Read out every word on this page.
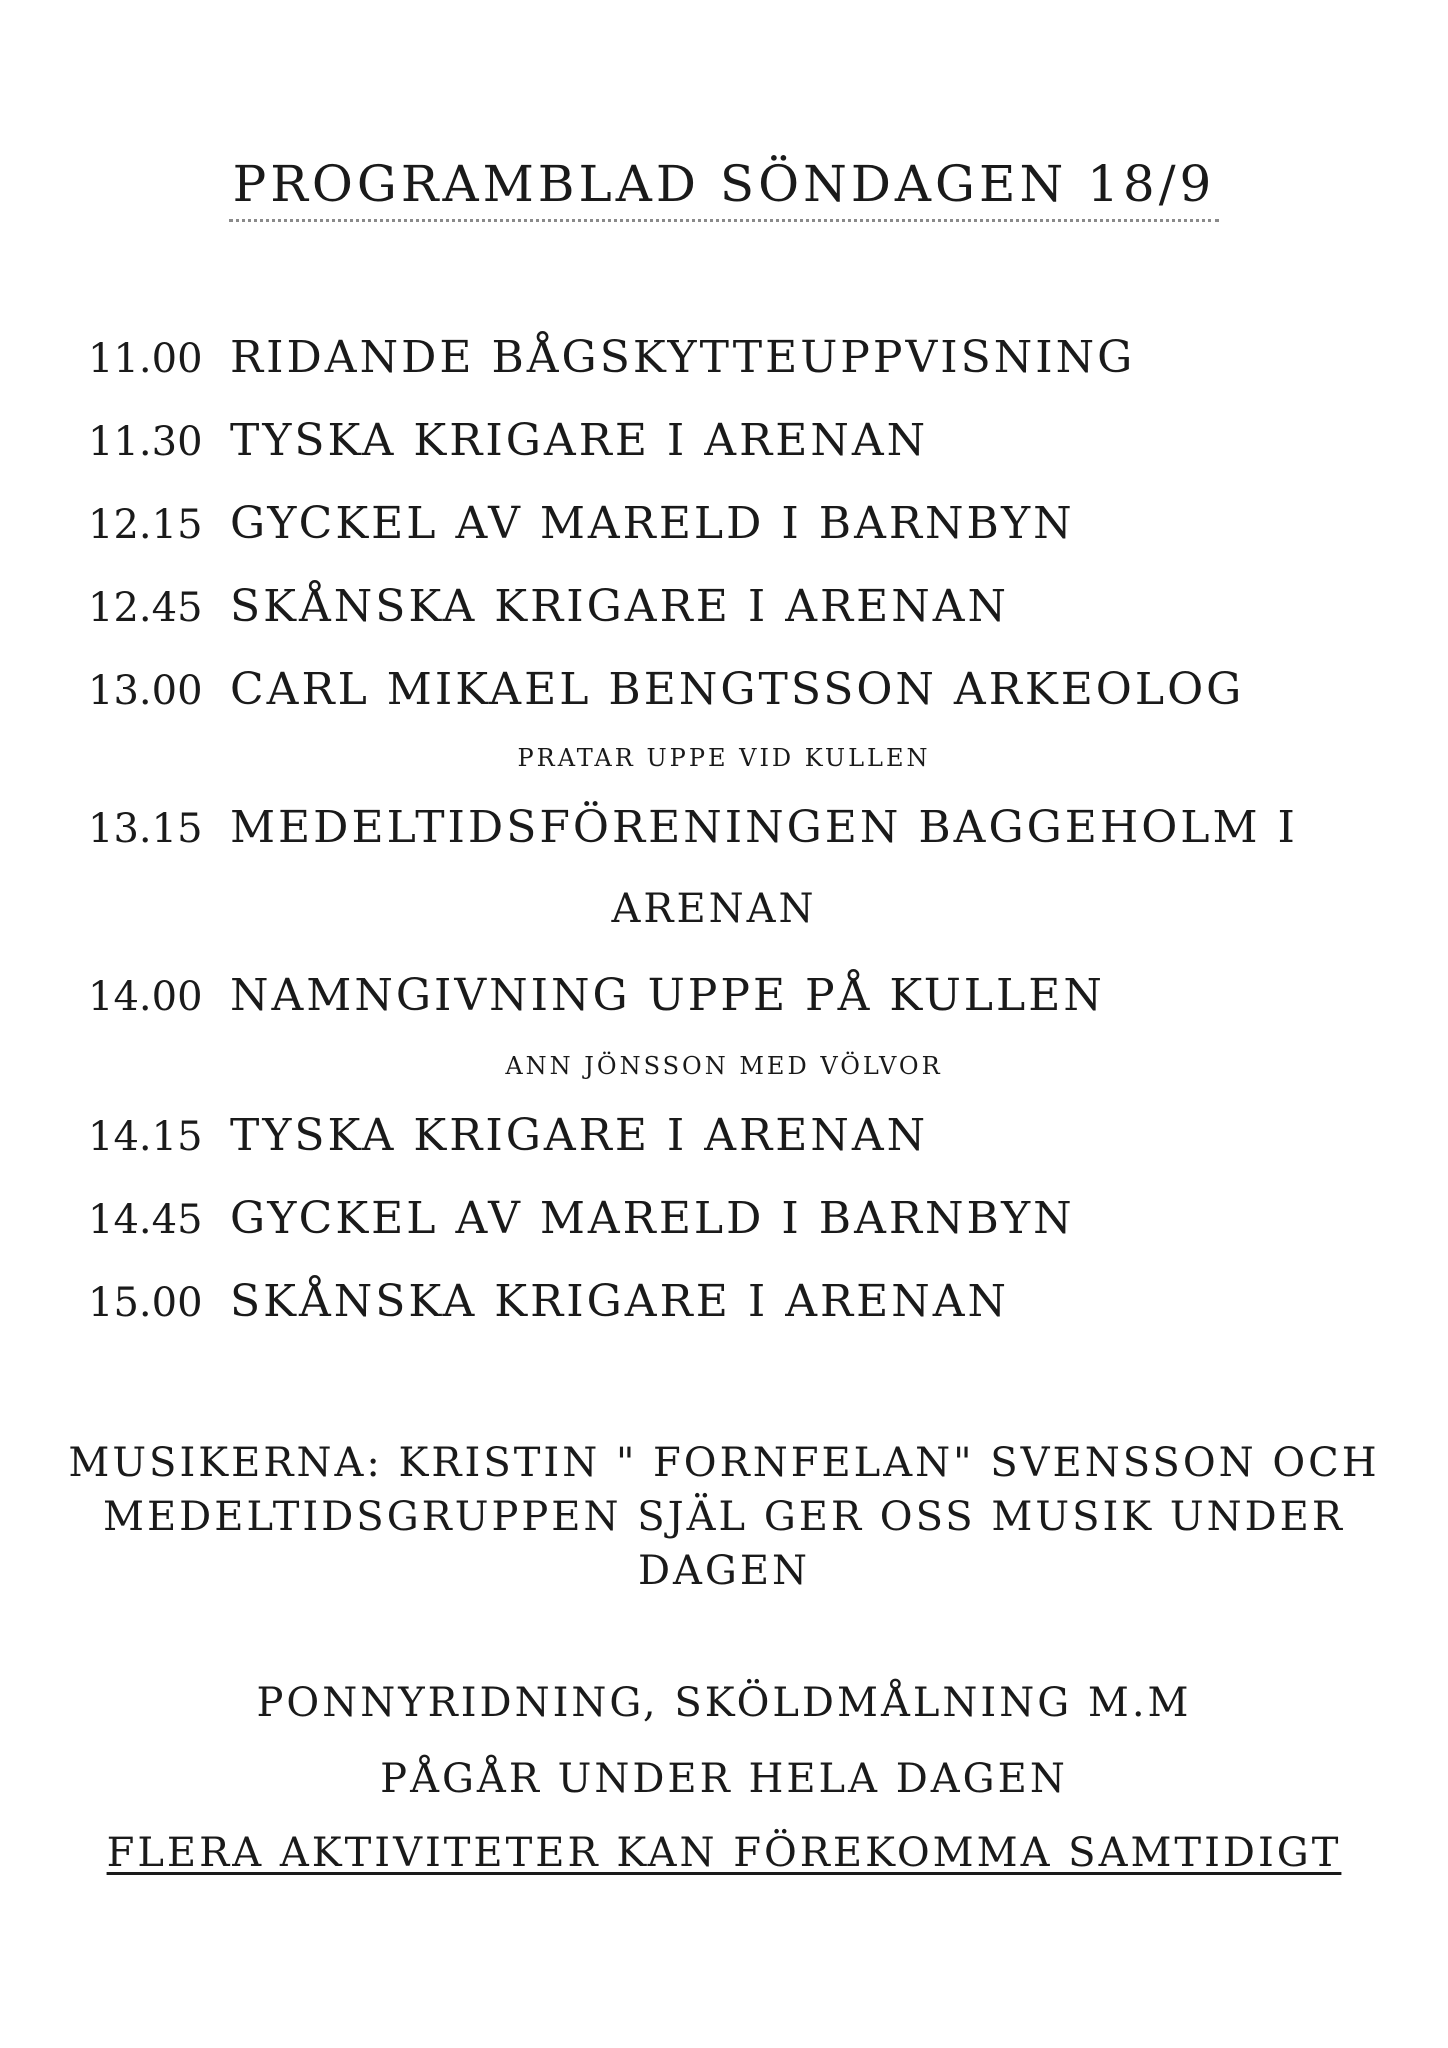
PROGRAMBLAD SÖNDAGEN 18/9
11.00 RIDANDE BÅGSKYTTEUPPVISNING
11.30 TYSKA KRIGARE I ARENAN
12.15 GYCKEL AV MARELD I BARNBYN
12.45 SKÅNSKA KRIGARE I ARENAN
13.00 CARL MIKAEL BENGTSSON ARKEOLOG
PRATAR UPPE VID KULLEN
13.15 MEDELTIDSFÖRENINGEN BAGGEHOLM I
ARENAN
14.00 NAMNGIVNING UPPE PÅ KULLEN
ANN JÖNSSON MED VÖLVOR
14.15 TYSKA KRIGARE I ARENAN
14.45 GYCKEL AV MARELD I BARNBYN
15.00 SKÅNSKA KRIGARE I ARENAN
MUSIKERNA: KRISTIN " FORNFELAN" SVENSSON OCH
MEDELTIDSGRUPPEN SJÄL GER OSS MUSIK UNDER
DAGEN
PONNYRIDNING, SKÖLDMÅLNING M.M
PÅGÅR UNDER HELA DAGEN
FLERA AKTIVITETER KAN FÖREKOMMA SAMTIDIGT
